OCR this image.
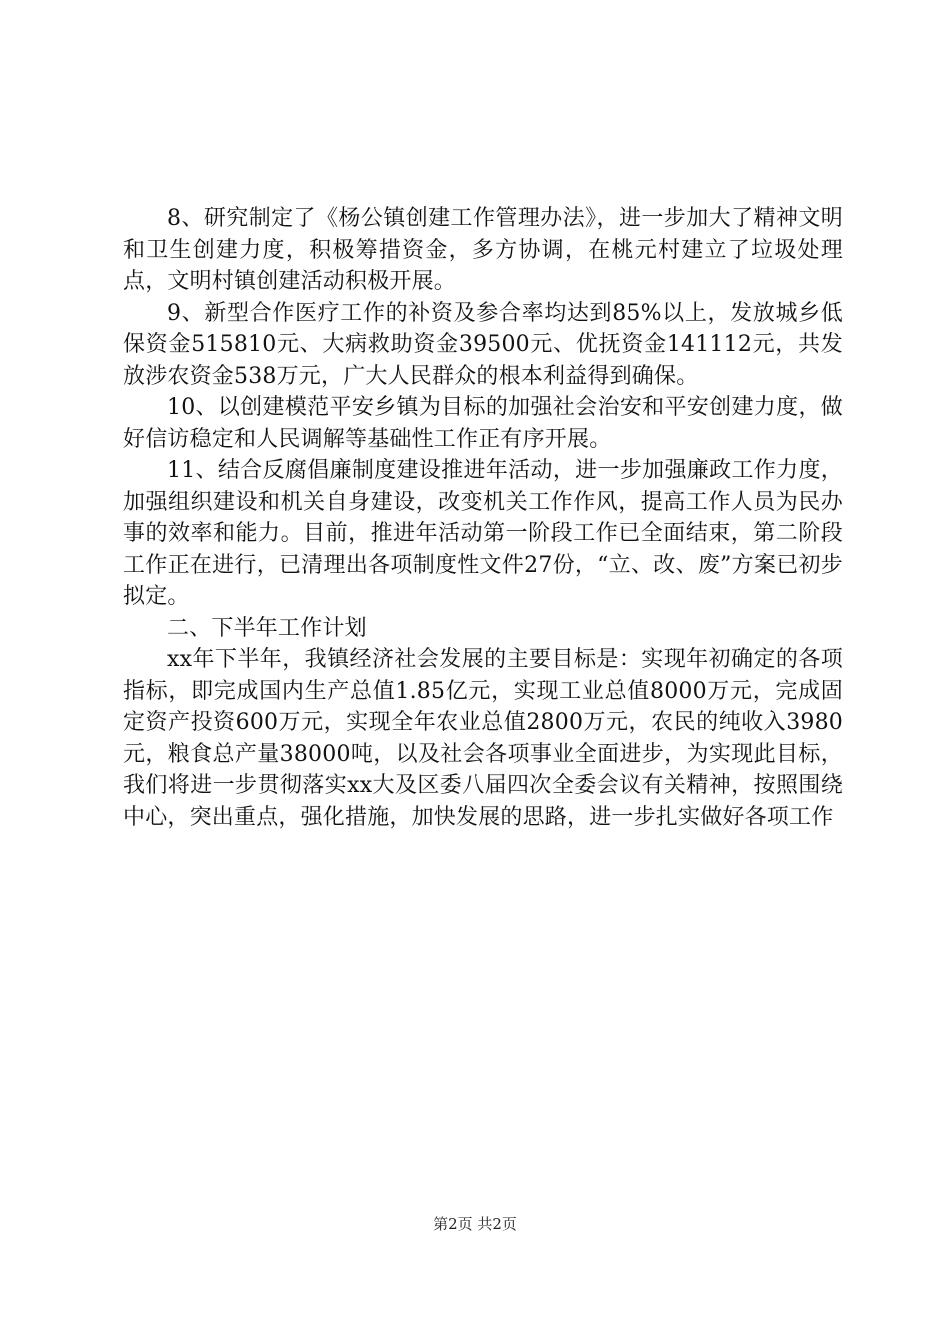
8、研究制定了《杨公镇创建工作管理办法》，进一步加大了精神文明和卫生创建力度，积极筹措资金，多方协调，在桃元村建立了垃圾处理点，文明村镇创建活动积极开展。

9、新型合作医疗工作的补资及参合率均达到85%以上，发放城乡低保资金515810元、大病救助资金39500元、优抚资金141112元，共发放涉农资金538万元，广大人民群众的根本利益得到确保。

10、以创建模范平安乡镇为目标的加强社会治安和平安创建力度，做好信访稳定和人民调解等基础性工作正有序开展。

11、结合反腐倡廉制度建设推进年活动，进一步加强廉政工作力度，加强组织建设和机关自身建设，改变机关工作作风，提高工作人员为民办事的效率和能力。目前，推进年活动第一阶段工作已全面结束，第二阶段工作正在进行，已清理出各项制度性文件27份，“立、改、废”方案已初步拟定。

二、下半年工作计划

xx年下半年，我镇经济社会发展的主要目标是：实现年初确定的各项指标，即完成国内生产总值1.85亿元，实现工业总值8000万元，完成固定资产投资600万元，实现全年农业总值2800万元，农民的纯收入3980元，粮食总产量38000吨，以及社会各项事业全面进步，为实现此目标，我们将进一步贯彻落实xx大及区委八届四次全委会议有关精神，按照围绕中心，突出重点，强化措施，加快发展的思路，进一步扎实做好各项工作

第2页 共2页
